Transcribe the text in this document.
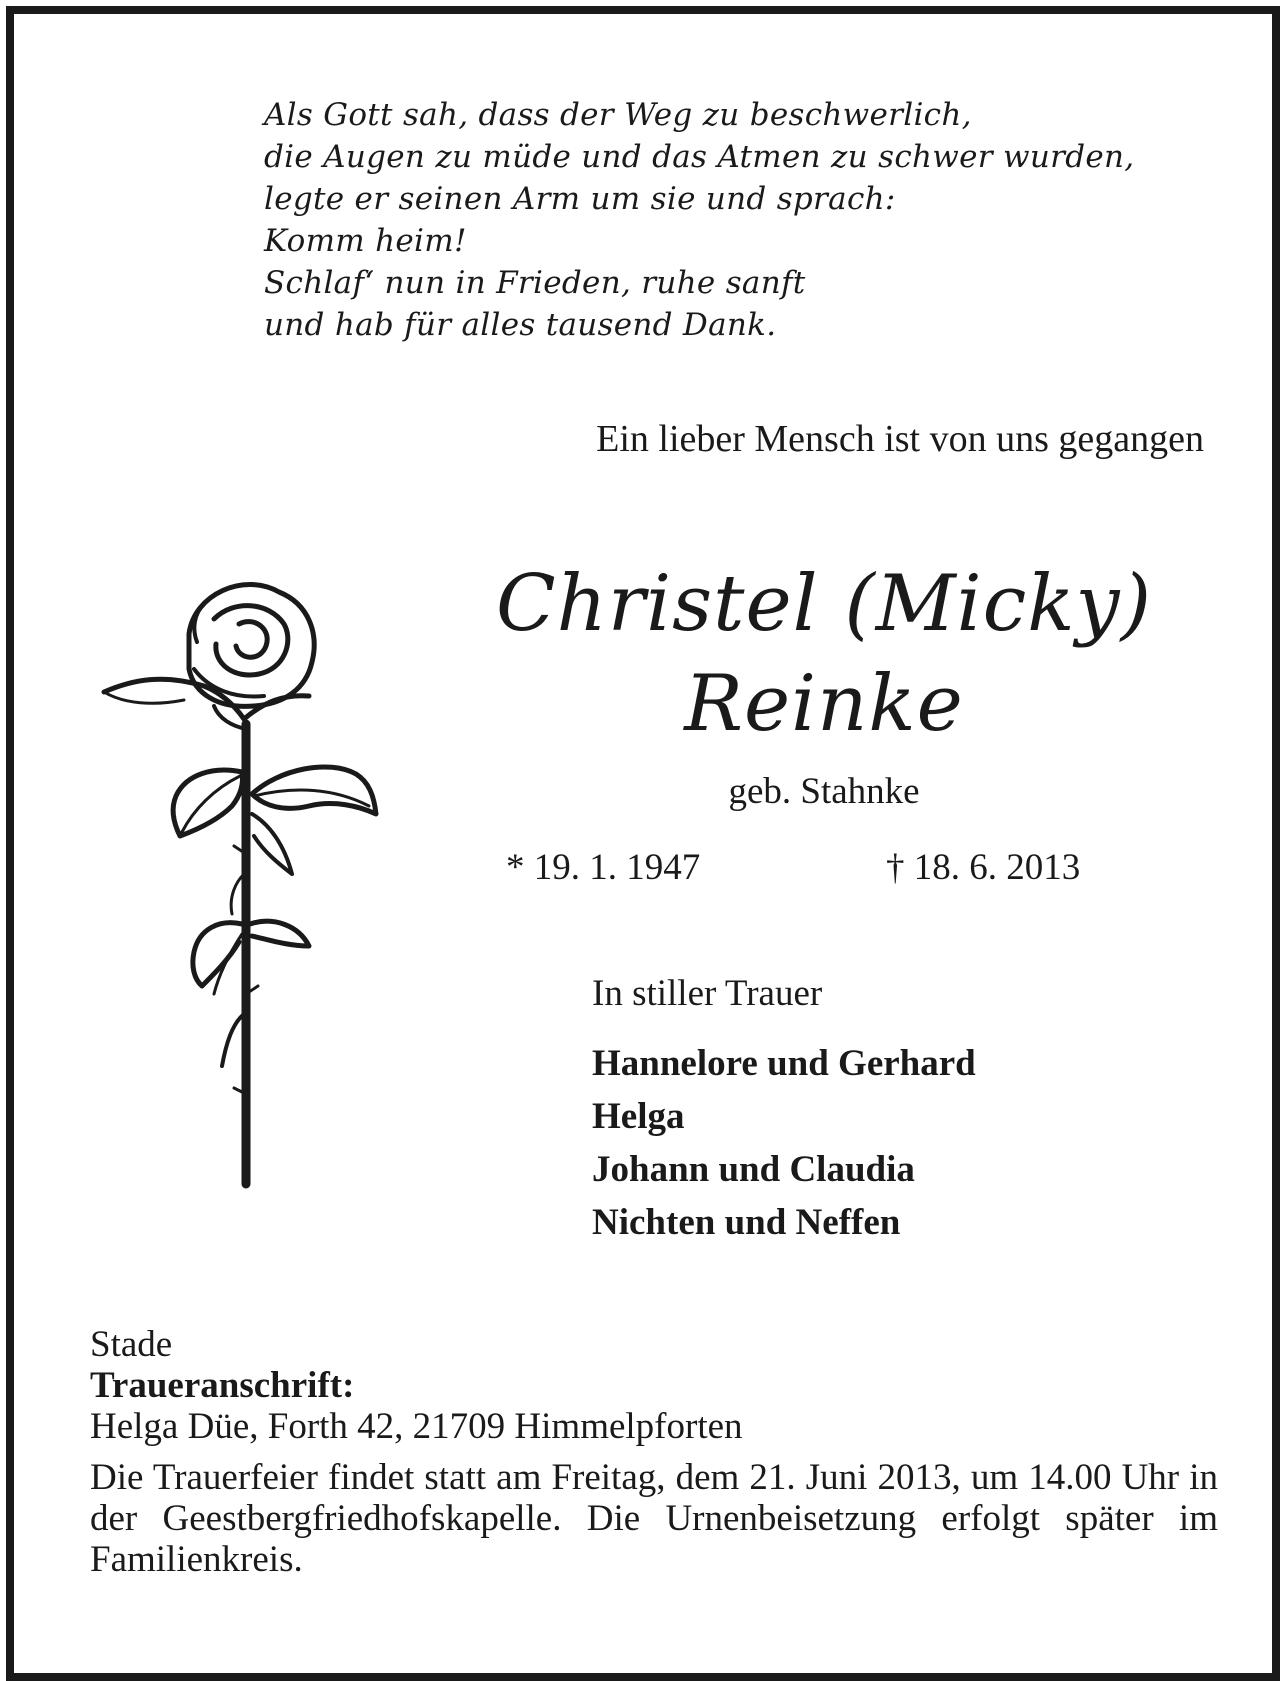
Als Gott sah, dass der Weg zu beschwerlich,
die Augen zu müde und das Atmen zu schwer wurden,
legte er seinen Arm um sie und sprach:
Komm heim!
Schlaf‘ nun in Frieden, ruhe sanft
und hab für alles tausend Dank.
Ein lieber Mensch ist von uns gegangen
Christel (Micky)
Reinke
geb. Stahnke
* 19. 1. 1947	† 18. 6. 2013
In stiller Trauer
Hannelore und Gerhard
Helga
Johann und Claudia
Nichten und Neffen
Stade
Traueranschrift:
Helga Düe, Forth 42, 21709 Himmelpforten
Die Trauerfeier findet statt am Freitag, dem 21. Juni 2013, um 14.00 Uhr in der Geestbergfriedhofskapelle. Die Urnenbeisetzung erfolgt später im Familienkreis.
